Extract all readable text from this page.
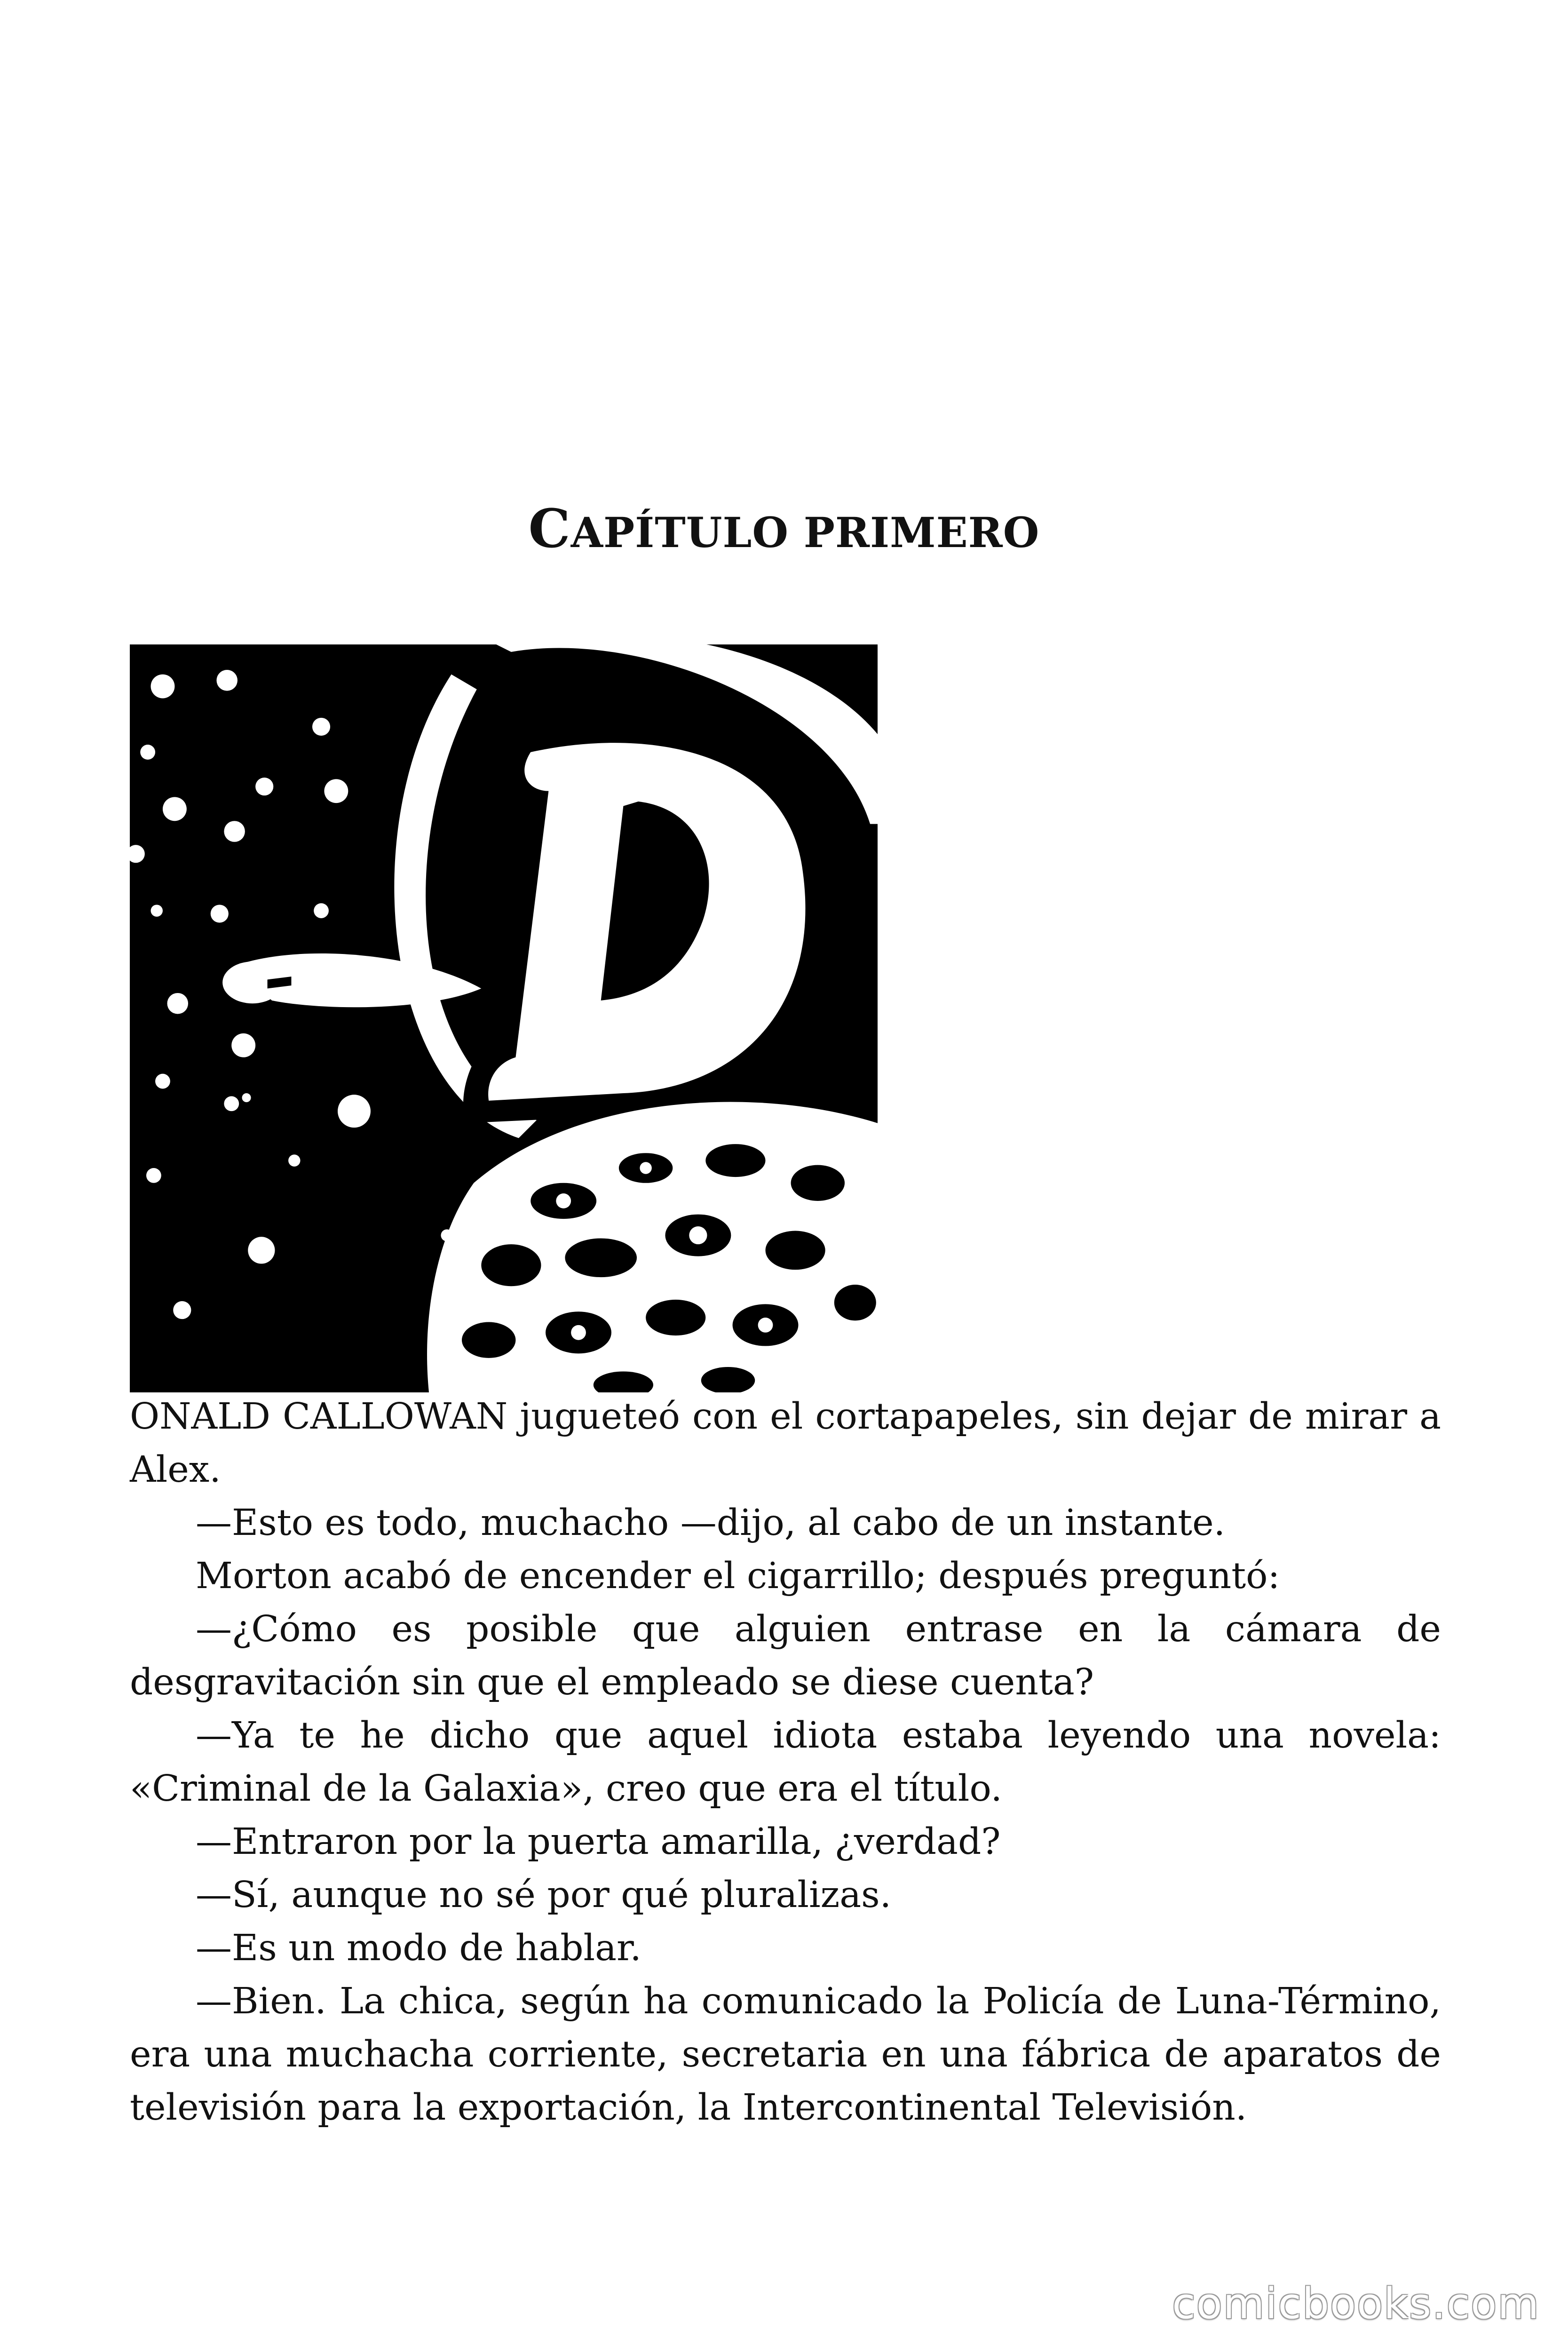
CAPÍTULO PRIMERO

ONALD CALLOWAN jugueteó con el cortapapeles, sin dejar de mirar a Alex.

—Esto es todo, muchacho —dijo, al cabo de un instante.

Morton acabó de encender el cigarrillo; después preguntó:

—¿Cómo es posible que alguien entrase en la cámara de desgravitación sin que el empleado se diese cuenta?

—Ya te he dicho que aquel idiota estaba leyendo una novela: «Criminal de la Galaxia», creo que era el título.

—Entraron por la puerta amarilla, ¿verdad?

—Sí, aunque no sé por qué pluralizas.

—Es un modo de hablar.

—Bien. La chica, según ha comunicado la Policía de Luna-Término, era una muchacha corriente, secretaria en una fábrica de aparatos de televisión para la exportación, la Intercontinental Televisión.

comicbooks.com
